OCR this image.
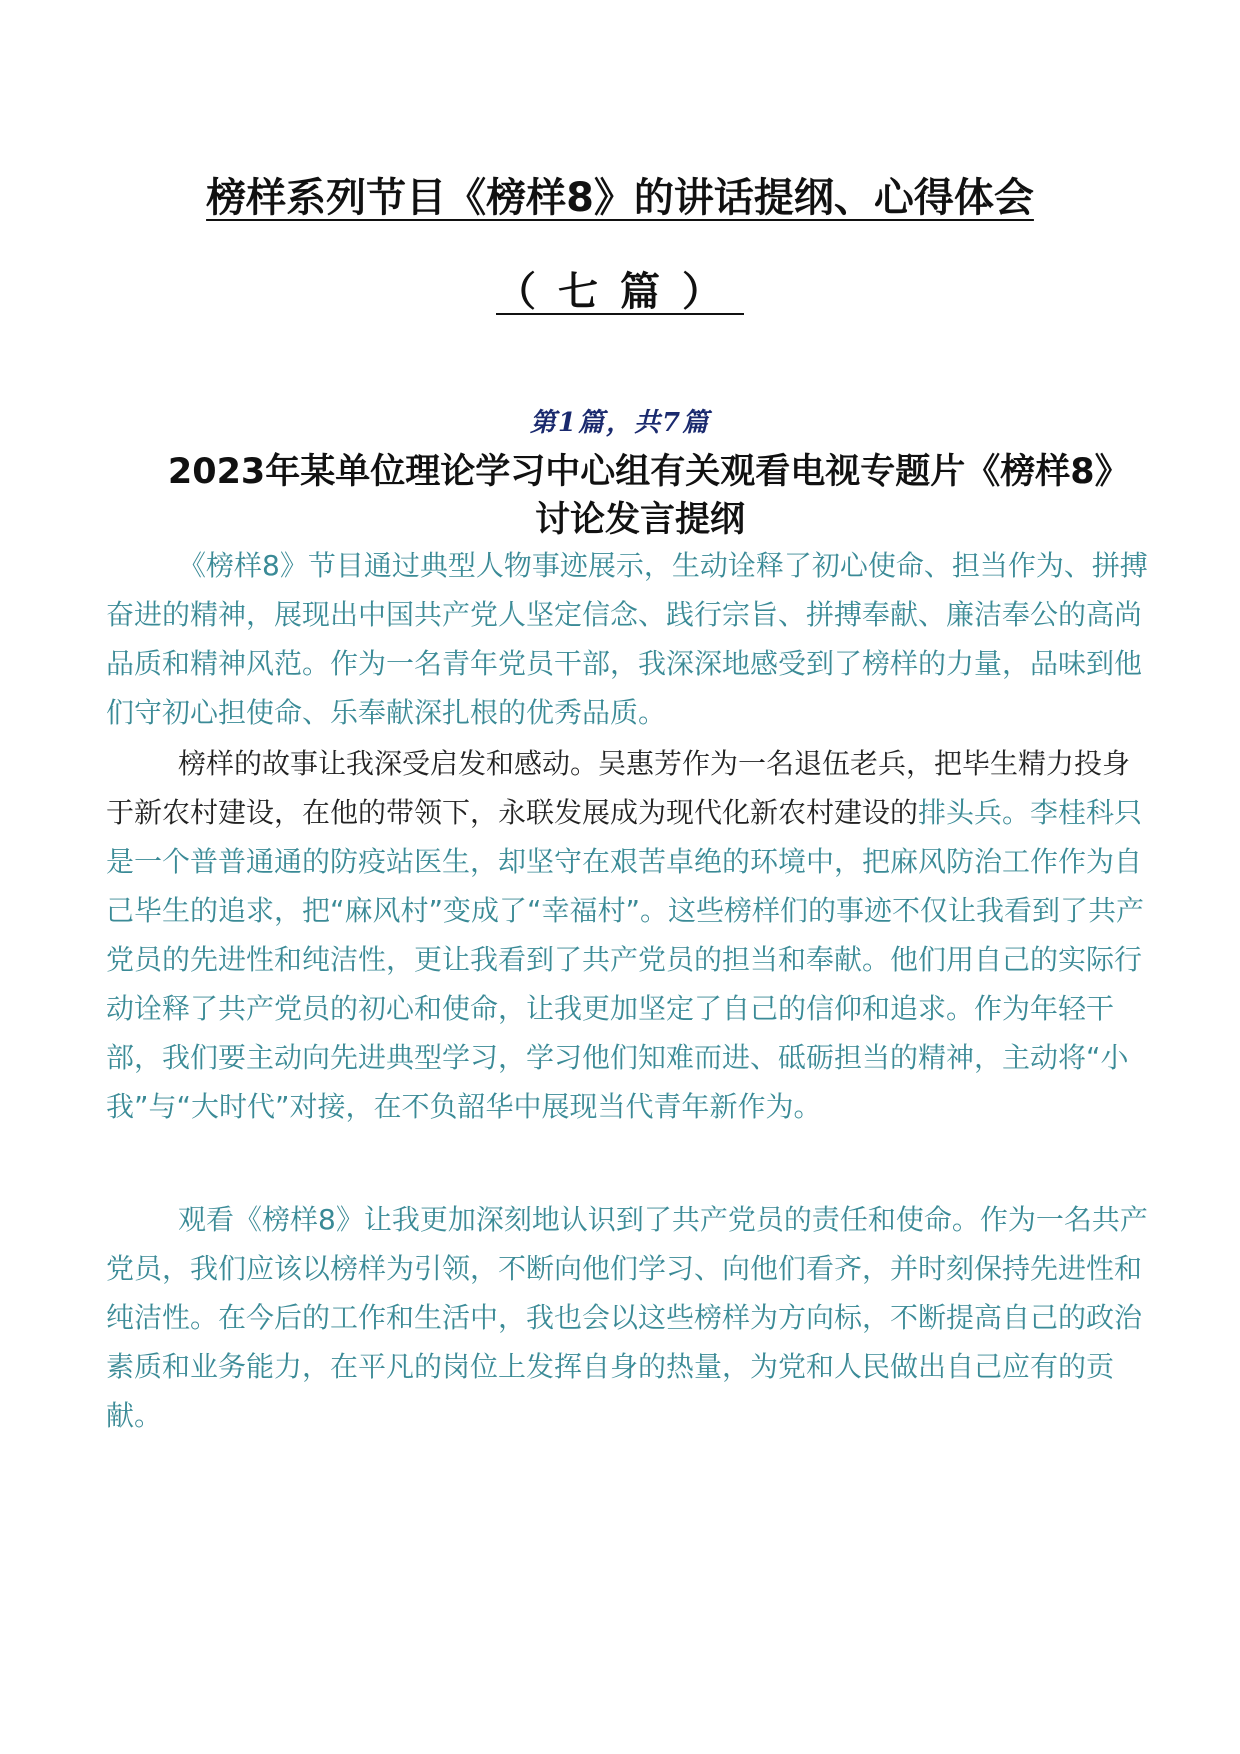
榜样系列节目《榜样8》的讲话提纲、心得体会
（七篇）
第1篇，共7篇
2023年某单位理论学习中心组有关观看电视专题片《榜样8》讨论发言提纲

《榜样8》节目通过典型人物事迹展示，生动诠释了初心使命、担当作为、拼搏奋进的精神，展现出中国共产党人坚定信念、践行宗旨、拼搏奉献、廉洁奉公的高尚品质和精神风范。作为一名青年党员干部，我深深地感受到了榜样的力量，品味到他们守初心担使命、乐奉献深扎根的优秀品质。

榜样的故事让我深受启发和感动。吴惠芳作为一名退伍老兵，把毕生精力投身于新农村建设，在他的带领下，永联发展成为现代化新农村建设的排头兵。李桂科只是一个普普通通的防疫站医生，却坚守在艰苦卓绝的环境中，把麻风防治工作作为自己毕生的追求，把“麻风村”变成了“幸福村”。这些榜样们的事迹不仅让我看到了共产党员的先进性和纯洁性，更让我看到了共产党员的担当和奉献。他们用自己的实际行动诠释了共产党员的初心和使命，让我更加坚定了自己的信仰和追求。作为年轻干部，我们要主动向先进典型学习，学习他们知难而进、砥砺担当的精神，主动将“小我”与“大时代”对接，在不负韶华中展现当代青年新作为。

观看《榜样8》让我更加深刻地认识到了共产党员的责任和使命。作为一名共产党员，我们应该以榜样为引领，不断向他们学习、向他们看齐，并时刻保持先进性和纯洁性。在今后的工作和生活中，我也会以这些榜样为方向标，不断提高自己的政治素质和业务能力，在平凡的岗位上发挥自身的热量，为党和人民做出自己应有的贡献。
